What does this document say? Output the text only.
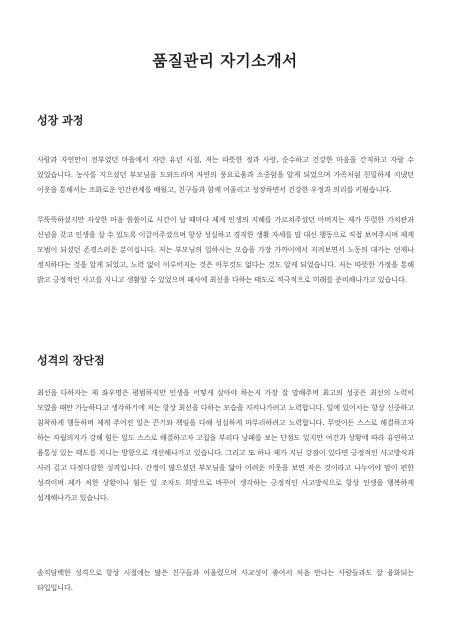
품질관리 자기소개서
성장 과정

사람과 자연만이 전부였던 마을에서 자란 유년 시절, 저는 따뜻한 정과 사랑, 순수하고 건강한 마음을 간직하고 자랄 수 있었습니다. 농사를 지으셨던 부모님을 도와드리며 자연의 풍요로움과 소중함을 알게 되었으며 가족처럼 친밀하게 지냈던 이웃을 통해서는 조화로운 인간관계를 배웠고, 친구들과 함께 어울리고 성장하면서 건강한 우정과 의리를 키웠습니다.

무뚝뚝하셨지만 자상한 마음 씀씀이로 시간이 날 때마다 제게 인생의 지혜를 가르쳐주셨던 아버지는 제가 뚜렷한 가치관과 신념을 갖고 인생을 살 수 있도록 이끌어주셨으며 항상 성실하고 경직한 생활 자세를 말 대신 행동으로 직접 보여주시며 제게 모범이 되셨던 존경스러운 분이십니다. 저는 부모님의 일하시는 모습을 가장 가까이에서 지켜보면서 노동의 대가는 언제나 정직하다는 것을 알게 되었고, 노력 없이 이루어지는 것은 아무것도 없다는 것도 알게 되었습니다. 저는 따뜻한 가정을 통해 밝고 긍정적인 사고를 지니고 생활할 수 있었으며 패사에 최선을 다하는 태도로 적극적으로 미래를 준비해나가고 있습니다.

성격의 장단점

최선을 다하자는 제 좌우명은 평범하지만 인생을 어떻게 살아야 하는지 가장 잘 말해주며 최고의 성공은 최선의 노력이 모였을 때만 가능하다고 생각하기에 저는 항상 최선을 다하는 모습을 지켜나가려고 노력합니다. 일에 있어서는 항상 신중하고 침착하게 행동하며 제게 주어진 일은 끈기와 책임을 다해 성실하게 마무리하려고 노력합니다. 무엇이든 스스로 해결하고자 하는 자립의지가 강해 힘든 일도 스스로 해결하고자 고집을 부리다 낭패를 보는 단점도 있지만 여건과 상황에 따라 유연하고 융통성 있는 태도를 지니는 방향으로 개선해나가고 있습니다. 그리고 또 하나 제가 지닌 강점이 있다면 긍정적인 사고방식과 사려 깊고 다정다감한 성격입니다. 간정이 많으셨던 부모님을 닮아 어려운 이웃을 보면 작은 것이라고 나누어야 맘이 편한 성격이며 제가 처한 상황이나 힘든 일 조차도 희망으로 바꾸어 생각하는 긍정적인 사고방식으로 항상 인생을 행복하게 설계해나가고 있습니다.

솔직담백한 성격으로 항상 시절에는 많은 친구들과 어울렸으며 사교성이 좋아서 처음 만나는 사람들과도 잘 융화되는 타입입니다.
